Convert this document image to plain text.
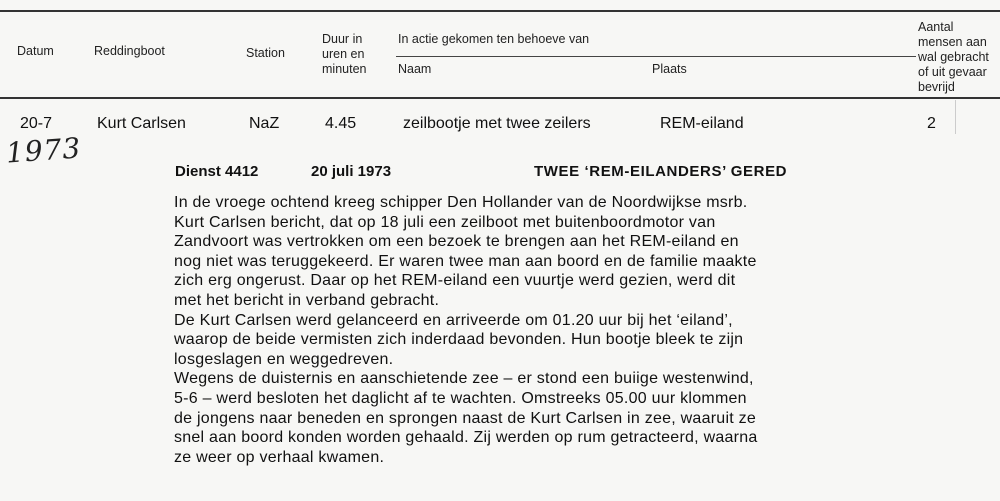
Datum	Reddingboot	Station
Duur in
uren en
minuten
In actie gekomen ten behoeve van
Naam	Plaats
Aantal
mensen aan
wal gebracht
of uit gevaar
bevrijd
20-7	Kurt Carlsen	NaZ	4.45	zeilbootje met twee zeilers	REM-eiland	2
1973
Dienst 4412	20 juli 1973	TWEE ‘REM-EILANDERS’ GERED

In de vroege ochtend kreeg schipper Den Hollander van de Noordwijkse msrb.

Kurt Carlsen bericht, dat op 18 juli een zeilboot met buitenboordmotor van

Zandvoort was vertrokken om een bezoek te brengen aan het REM-eiland en

nog niet was teruggekeerd. Er waren twee man aan boord en de familie maakte

zich erg ongerust. Daar op het REM-eiland een vuurtje werd gezien, werd dit

met het bericht in verband gebracht.

De Kurt Carlsen werd gelanceerd en arriveerde om 01.20 uur bij het ‘eiland’,

waarop de beide vermisten zich inderdaad bevonden. Hun bootje bleek te zijn

losgeslagen en weggedreven.

Wegens de duisternis en aanschietende zee – er stond een buiige westenwind,

5-6 – werd besloten het daglicht af te wachten. Omstreeks 05.00 uur klommen

de jongens naar beneden en sprongen naast de Kurt Carlsen in zee, waaruit ze

snel aan boord konden worden gehaald. Zij werden op rum getracteerd, waarna

ze weer op verhaal kwamen.
